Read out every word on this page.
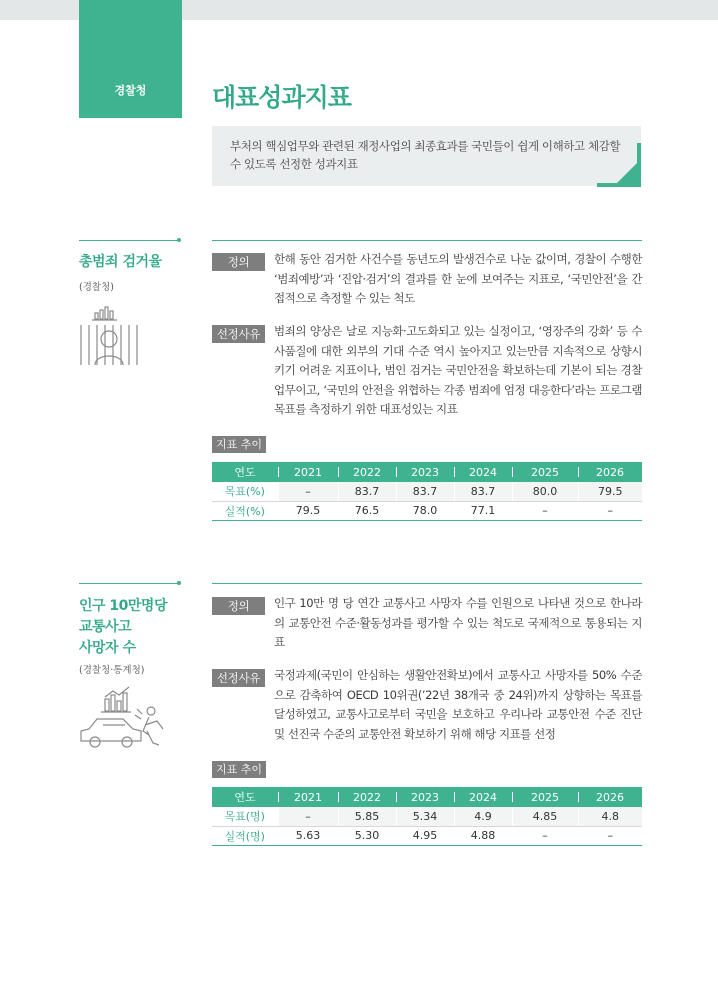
경찰청	대표성과지표
부처의 핵심업무와 관련된 재정사업의 최종효과를 국민들이 쉽게 이해하고 체감할 수 있도록 선정한 성과지표
총범죄 검거율
(경찰청)
정의	한해 동안 검거한 사건수를 동년도의 발생건수로 나눈 값이며, 경찰이 수행한 ‘범죄예방’과 ‘진압·검거’의 결과를 한 눈에 보여주는 지표로, ‘국민안전’을 간접적으로 측정할 수 있는 척도
선정사유	범죄의 양상은 날로 지능화·고도화되고 있는 실정이고, ‘영장주의 강화’ 등 수사품질에 대한 외부의 기대 수준 역시 높아지고 있는만큼 지속적으로 상향시키기 어려운 지표이나, 범인 검거는 국민안전을 확보하는데 기본이 되는 경찰 업무이고, ‘국민의 안전을 위협하는 각종 범죄에 엄정 대응한다’라는 프로그램 목표를 측정하기 위한 대표성있는 지표
지표 추이
연도	2021	2022	2023	2024	2025	2026
목표(%)	–	83.7	83.7	83.7	80.0	79.5
실적(%)	79.5	76.5	78.0	77.1	–	–
인구 10만명당
교통사고
사망자 수
(경찰청·통계청)
정의	인구 10만 명 당 연간 교통사고 사망자 수를 인원으로 나타낸 것으로 한나라의 교통안전 수준·활동성과를 평가할 수 있는 척도로 국제적으로 통용되는 지표
선정사유	국정과제(국민이 안심하는 생활안전확보)에서 교통사고 사망자를 50% 수준으로 감축하여 OECD 10위권(’22년 38개국 중 24위)까지 상향하는 목표를 달성하였고, 교통사고로부터 국민을 보호하고 우리나라 교통안전 수준 진단 및 선진국 수준의 교통안전 확보하기 위해 해당 지표를 선정
지표 추이
연도	2021	2022	2023	2024	2025	2026
목표(명)	–	5.85	5.34	4.9	4.85	4.8
실적(명)	5.63	5.30	4.95	4.88	–	–
